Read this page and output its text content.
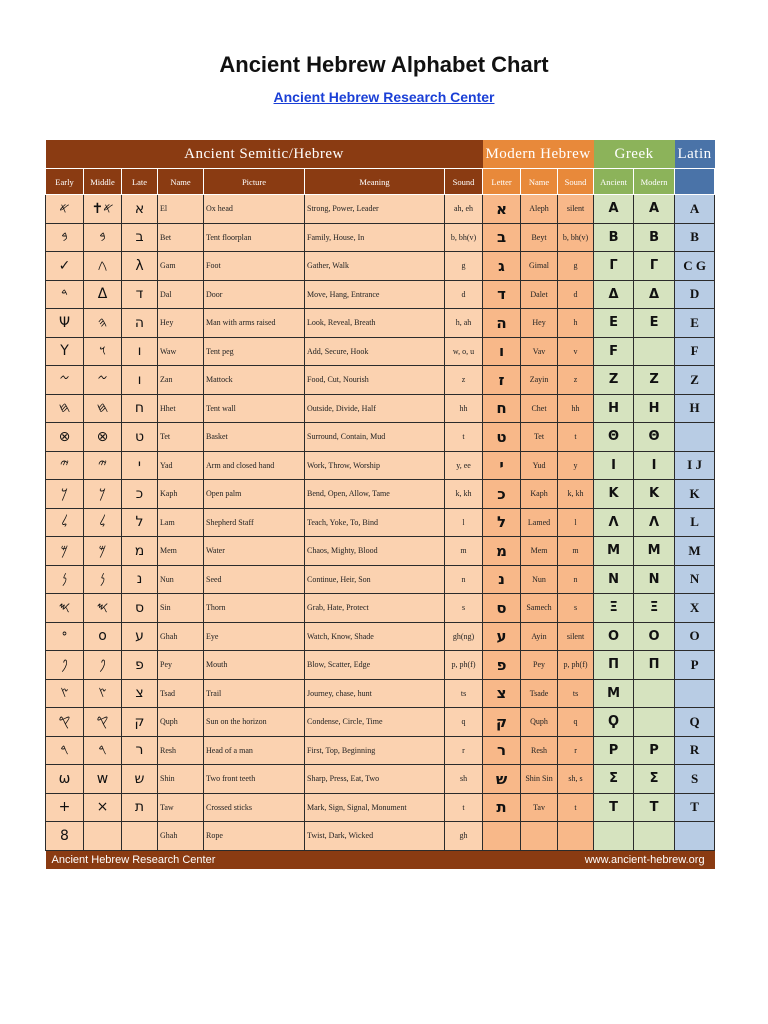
Ancient Hebrew Alphabet Chart
Ancient Hebrew Research Center
Ancient Semitic/Hebrew							Modern Hebrew			Greek		Latin
Early	Middle	Late	Name	Picture	Meaning	Sound	Letter	Name	Sound	Ancient	Modern	
𐤀	✝𐤀	א	El	Ox head	Strong, Power, Leader	ah, eh	א	Aleph	silent	A	A	A
𐤁	𐤁	ב	Bet	Tent floorplan	Family, House, In	b, bh(v)	ב	Beyt	b, bh(v)	B	B	B
✓	𐤂	λ	Gam	Foot	Gather, Walk	g	ג	Gimal	g	Γ	Γ	C G
𐤃	Δ	ד	Dal	Door	Move, Hang, Entrance	d	ד	Dalet	d	Δ	Δ	D
Ψ	𐤄	ה	Hey	Man with arms raised	Look, Reveal, Breath	h, ah	ה	Hey	h	E	E	E
Y	𐤅	ו	Waw	Tent peg	Add, Secure, Hook	w, o, u	ו	Vav	v	F		F
𐤆	𐤆	ו	Zan	Mattock	Food, Cut, Nourish	z	ז	Zayin	z	Z	Z	Z
𐤇	𐤇	ח	Hhet	Tent wall	Outside, Divide, Half	hh	ח	Chet	hh	H	H	H
⊗	⊗	ט	Tet	Basket	Surround, Contain, Mud	t	ט	Tet	t	Θ	Θ	
𐤉	𐤉	י	Yad	Arm and closed hand	Work, Throw, Worship	y, ee	י	Yud	y	I	I	I J
𐤊	𐤊	כ	Kaph	Open palm	Bend, Open, Allow, Tame	k, kh	כ	Kaph	k, kh	K	K	K
𐤋	𐤋	ל	Lam	Shepherd Staff	Teach, Yoke, To, Bind	l	ל	Lamed	l	Λ	Λ	L
𐤌	𐤌	מ	Mem	Water	Chaos, Mighty, Blood	m	מ	Mem	m	M	M	M
𐤍	𐤍	נ	Nun	Seed	Continue, Heir, Son	n	נ	Nun	n	N	N	N
𐤎	𐤎	ס	Sin	Thorn	Grab, Hate, Protect	s	ס	Samech	s	Ξ	Ξ	X
𐤏	o	ע	Ghah	Eye	Watch, Know, Shade	gh(ng)	ע	Ayin	silent	O	O	O
𐤐	𐤐	פ	Pey	Mouth	Blow, Scatter, Edge	p, ph(f)	פ	Pey	p, ph(f)	Π	Π	P
𐤑	𐤑	צ	Tsad	Trail	Journey, chase, hunt	ts	צ	Tsade	ts	M		
𐤒	𐤒	ק	Quph	Sun on the horizon	Condense, Circle, Time	q	ק	Quph	q	Ϙ		Q
𐤓	𐤓	ר	Resh	Head of a man	First, Top, Beginning	r	ר	Resh	r	P	P	R
ω	w	ש	Shin	Two front teeth	Sharp, Press, Eat, Two	sh	ש	Shin Sin	sh, s	Σ	Σ	S
+	×	ת	Taw	Crossed sticks	Mark, Sign, Signal, Monument	t	ת	Tav	t	T	T	T
8			Ghah	Rope	Twist, Dark, Wicked	gh						
Ancient Hebrew Research Center							www.ancient-hebrew.org					
